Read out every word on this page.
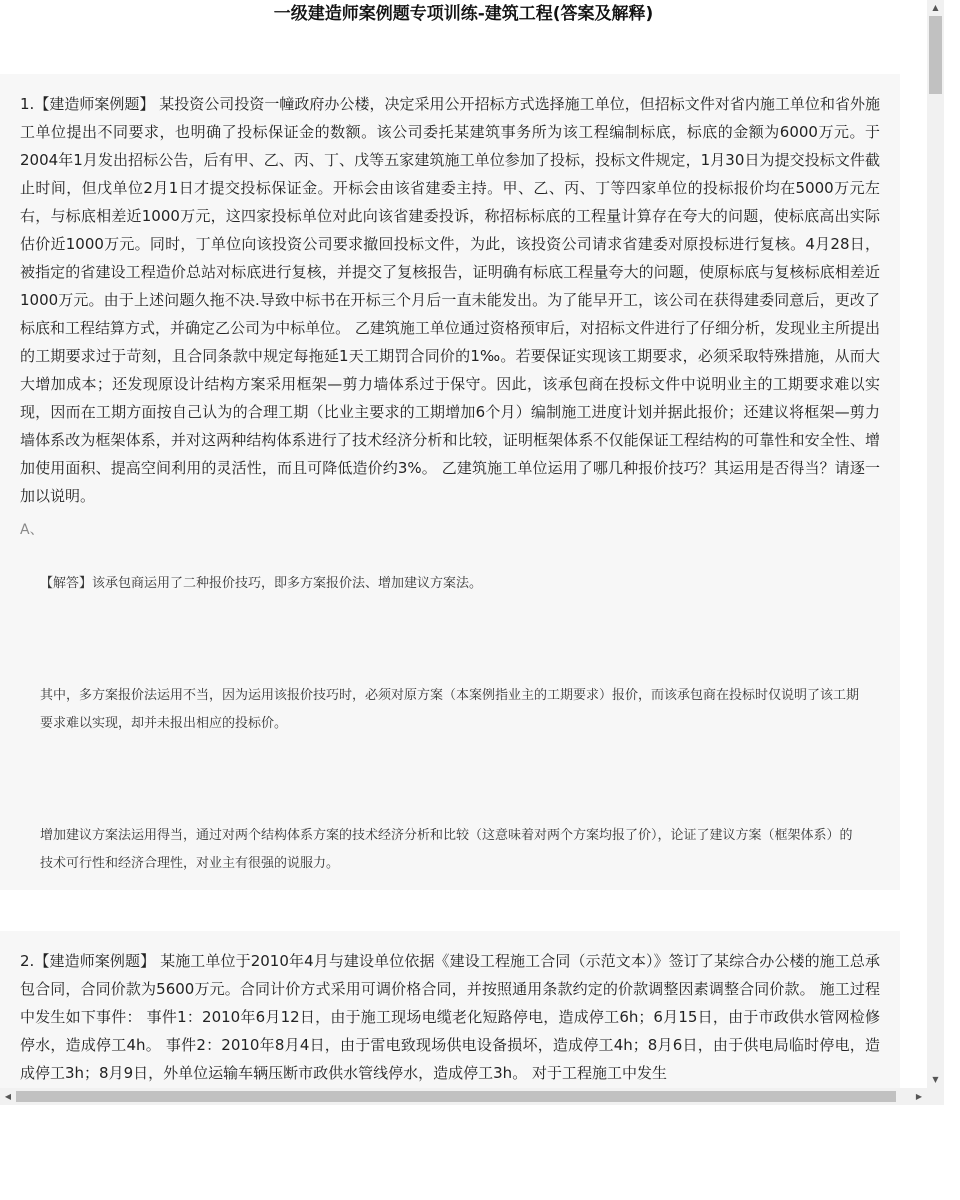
一级建造师案例题专项训练-建筑工程(答案及解释)

1.【建造师案例题】 某投资公司投资一幢政府办公楼，决定采用公开招标方式选择施工单位，但招标文件对省内施工单位和省外施工单位提出不同要求，也明确了投标保证金的数额。该公司委托某建筑事务所为该工程编制标底，标底的金额为6000万元。于2004年1月发出招标公告，后有甲、乙、丙、丁、戊等五家建筑施工单位参加了投标，投标文件规定，1月30日为提交投标文件截止时间，但戊单位2月1日才提交投标保证金。开标会由该省建委主持。甲、乙、丙、丁等四家单位的投标报价均在5000万元左右，与标底相差近1000万元，这四家投标单位对此向该省建委投诉，称招标标底的工程量计算存在夸大的问题，使标底高出实际估价近1000万元。同时，丁单位向该投资公司要求撤回投标文件，为此，该投资公司请求省建委对原投标进行复核。4月28日，被指定的省建设工程造价总站对标底进行复核，并提交了复核报告，证明确有标底工程量夸大的问题，使原标底与复核标底相差近1000万元。由于上述问题久拖不决.导致中标书在开标三个月后一直未能发出。为了能早开工，该公司在获得建委同意后，更改了标底和工程结算方式，并确定乙公司为中标单位。 乙建筑施工单位通过资格预审后，对招标文件进行了仔细分析，发现业主所提出的工期要求过于苛刻，且合同条款中规定每拖延1天工期罚合同价的1‰。若要保证实现该工期要求，必须采取特殊措施，从而大大增加成本；还发现原设计结构方案采用框架—剪力墙体系过于保守。因此，该承包商在投标文件中说明业主的工期要求难以实现，因而在工期方面按自己认为的合理工期（比业主要求的工期增加6个月）编制施工进度计划并据此报价；还建议将框架—剪力墙体系改为框架体系，并对这两种结构体系进行了技术经济分析和比较，证明框架体系不仅能保证工程结构的可靠性和安全性、增加使用面积、提高空间利用的灵活性，而且可降低造价约3%。 乙建筑施工单位运用了哪几种报价技巧？其运用是否得当？请逐一加以说明。

A、

【解答】该承包商运用了二种报价技巧，即多方案报价法、增加建议方案法。

其中，多方案报价法运用不当，因为运用该报价技巧时，必须对原方案（本案例指业主的工期要求）报价，而该承包商在投标时仅说明了该工期要求难以实现，却并未报出相应的投标价。

增加建议方案法运用得当，通过对两个结构体系方案的技术经济分析和比较（这意味着对两个方案均报了价），论证了建议方案（框架体系）的技术可行性和经济合理性，对业主有很强的说服力。

2.【建造师案例题】 某施工单位于2010年4月与建设单位依据《建设工程施工合同（示范文本）》签订了某综合办公楼的施工总承包合同，合同价款为5600万元。合同计价方式采用可调价格合同，并按照通用条款约定的价款调整因素调整合同价款。 施工过程中发生如下事件： 事件1：2010年6月12日，由于施工现场电缆老化短路停电，造成停工6h；6月15日，由于市政供水管网检修停水，造成停工4h。 事件2：2010年8月4日，由于雷电致现场供电设备损坏，造成停工4h；8月6日，由于供电局临时停电，造成停工3h；8月9日，外单位运输车辆压断市政供水管线停水，造成停工3h。 对于工程施工中发生

▲
▼
◀	▶
